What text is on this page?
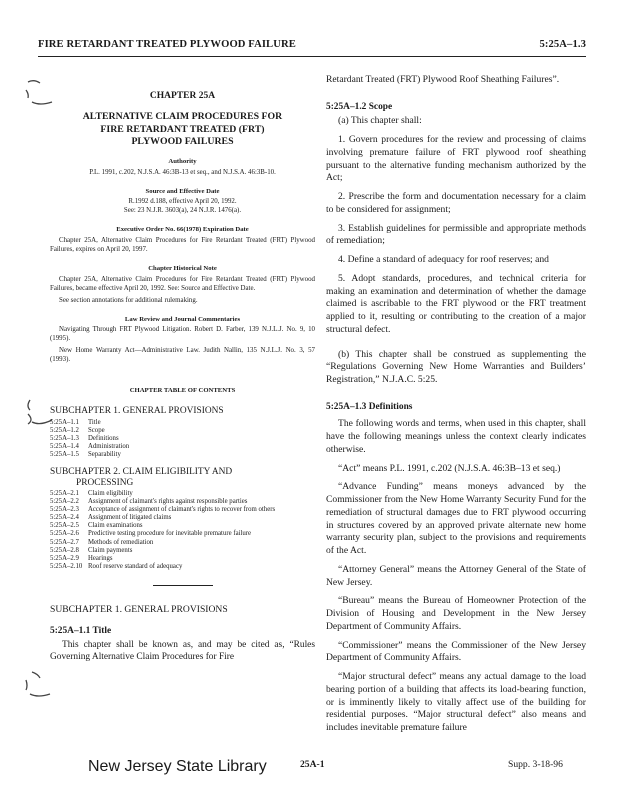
FIRE RETARDANT TREATED PLYWOOD FAILURE	5:25A–1.3
CHAPTER 25A
ALTERNATIVE CLAIM PROCEDURES FOR
FIRE RETARDANT TREATED (FRT)
PLYWOOD FAILURES
Authority
P.L. 1991, c.202, N.J.S.A. 46:3B-13 et seq., and N.J.S.A. 46:3B-10.
Source and Effective Date
R.1992 d.188, effective April 20, 1992.
See: 23 N.J.R. 3603(a), 24 N.J.R. 1476(a).
Executive Order No. 66(1978) Expiration Date
Chapter 25A, Alternative Claim Procedures for Fire Retardant Treated (FRT) Plywood Failures, expires on April 20, 1997.
Chapter Historical Note
Chapter 25A, Alternative Claim Procedures for Fire Retardant Treated (FRT) Plywood Failures, became effective April 20, 1992. See: Source and Effective Date.
See section annotations for additional rulemaking.
Law Review and Journal Commentaries
Navigating Through FRT Plywood Litigation. Robert D. Farber, 139 N.J.L.J. No. 9, 10 (1995).
New Home Warranty Act—Administrative Law. Judith Nallin, 135 N.J.L.J. No. 3, 57 (1993).
CHAPTER TABLE OF CONTENTS
SUBCHAPTER 1. GENERAL PROVISIONS
5:25A–1.1	Title
5:25A–1.2	Scope
5:25A–1.3	Definitions
5:25A–1.4	Administration
5:25A–1.5	Separability
SUBCHAPTER 2. CLAIM ELIGIBILITY AND
PROCESSING
5:25A–2.1	Claim eligibility
5:25A–2.2	Assignment of claimant's rights against responsible parties
5:25A–2.3	Acceptance of assignment of claimant's rights to recover from others
5:25A–2.4	Assignment of litigated claims
5:25A–2.5	Claim examinations
5:25A–2.6	Predictive testing procedure for inevitable premature failure
5:25A–2.7	Methods of remediation
5:25A–2.8	Claim payments
5:25A–2.9	Hearings
5:25A–2.10	Roof reserve standard of adequacy
SUBCHAPTER 1. GENERAL PROVISIONS
5:25A–1.1 Title
This chapter shall be known as, and may be cited as, “Rules Governing Alternative Claim Procedures for Fire
Retardant Treated (FRT) Plywood Roof Sheathing Failures”.
5:25A–1.2 Scope
(a) This chapter shall:
1. Govern procedures for the review and processing of claims involving premature failure of FRT plywood roof sheathing pursuant to the alternative funding mechanism authorized by the Act;
2. Prescribe the form and documentation necessary for a claim to be considered for assignment;
3. Establish guidelines for permissible and appropriate methods of remediation;
4. Define a standard of adequacy for roof reserves; and
5. Adopt standards, procedures, and technical criteria for making an examination and determination of whether the damage claimed is ascribable to the FRT plywood or the FRT treatment applied to it, resulting or contributing to the creation of a major structural defect.
(b) This chapter shall be construed as supplementing the “Regulations Governing New Home Warranties and Builders’ Registration,” N.J.A.C. 5:25.
5:25A–1.3 Definitions
The following words and terms, when used in this chapter, shall have the following meanings unless the context clearly indicates otherwise.
“Act” means P.L. 1991, c.202 (N.J.S.A. 46:3B–13 et seq.)
“Advance Funding” means moneys advanced by the Commissioner from the New Home Warranty Security Fund for the remediation of structural damages due to FRT plywood occurring in structures covered by an approved private alternate new home warranty security plan, subject to the provisions and requirements of the Act.
“Attorney General” means the Attorney General of the State of New Jersey.
“Bureau” means the Bureau of Homeowner Protection of the Division of Housing and Development in the New Jersey Department of Community Affairs.
“Commissioner” means the Commissioner of the New Jersey Department of Community Affairs.
“Major structural defect” means any actual damage to the load bearing portion of a building that affects its load-bearing function, or is imminently likely to vitally affect use of the building for residential purposes. “Major structural defect” also means and includes inevitable premature failure
New Jersey State Library	25A-1	Supp. 3-18-96
